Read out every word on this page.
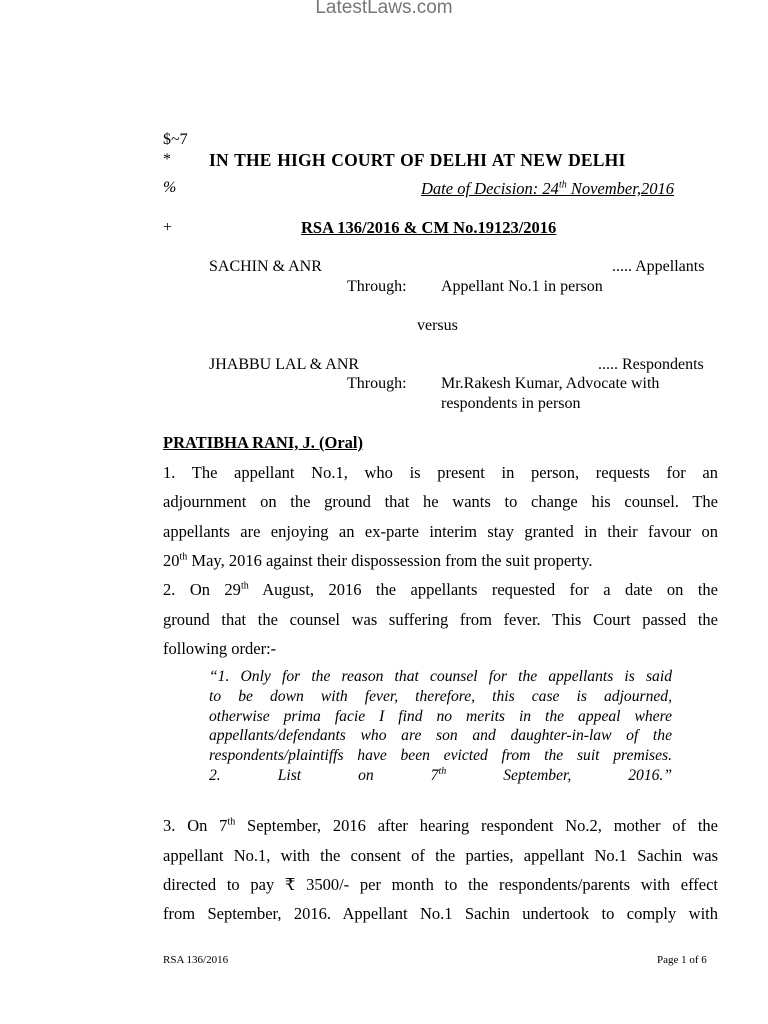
LatestLaws.com
$~7
* IN THE HIGH COURT OF DELHI AT NEW DELHI
%	Date of Decision: 24th November,2016
+	RSA 136/2016 & CM No.19123/2016
SACHIN & ANR	..... Appellants
Through: Appellant No.1 in person
versus
JHABBU LAL & ANR	..... Respondents
Through: Mr.Rakesh Kumar, Advocate with
respondents in person
PRATIBHA RANI, J. (Oral)
1. The appellant No.1, who is present in person, requests for an
adjournment on the ground that he wants to change his counsel. The
appellants are enjoying an ex-parte interim stay granted in their favour on
20th May, 2016 against their dispossession from the suit property.
2. On 29th August, 2016 the appellants requested for a date on the
ground that the counsel was suffering from fever. This Court passed the
following order:-
“1. Only for the reason that counsel for the appellants is said
to be down with fever, therefore, this case is adjourned,
otherwise prima facie I find no merits in the appeal where
appellants/defendants who are son and daughter-in-law of the
respondents/plaintiffs have been evicted from the suit premises.
2. List on 7th September, 2016.”
3. On 7th September, 2016 after hearing respondent No.2, mother of the
appellant No.1, with the consent of the parties, appellant No.1 Sachin was
directed to pay ₹ 3500/- per month to the respondents/parents with effect
from September, 2016. Appellant No.1 Sachin undertook to comply with
RSA 136/2016	Page 1 of 6
